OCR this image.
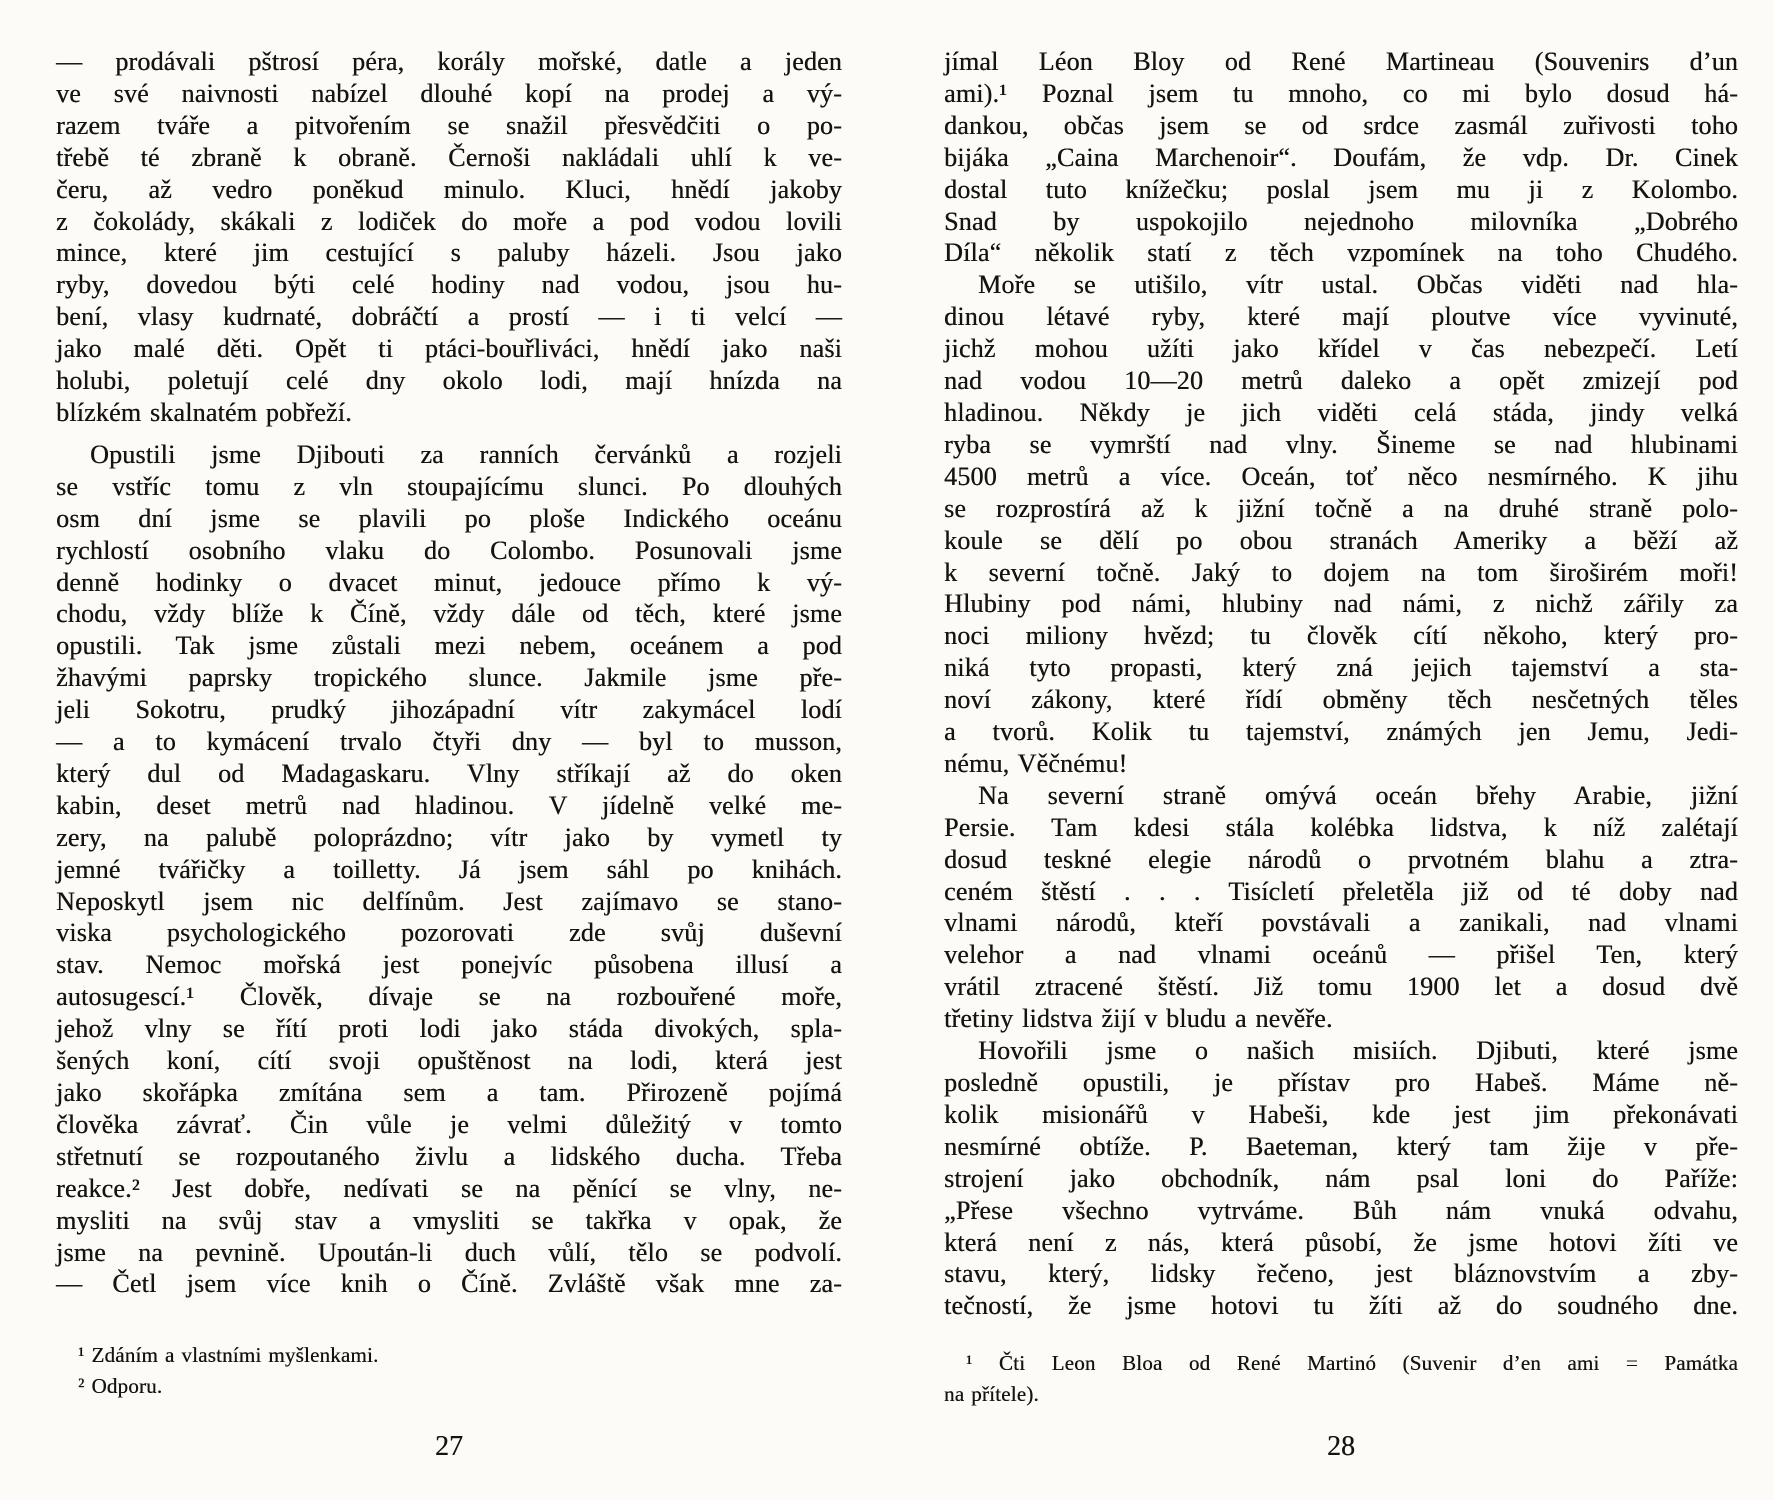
— prodávali pštrosí péra, korály mořské, datle a jeden
ve své naivnosti nabízel dlouhé kopí na prodej a vý-
razem tváře a pitvořením se snažil přesvědčiti o po-
třebě té zbraně k obraně. Černoši nakládali uhlí k ve-
čeru, až vedro poněkud minulo. Kluci, hnědí jakoby
z čokolády, skákali z lodiček do moře a pod vodou lovili
mince, které jim cestující s paluby házeli. Jsou jako
ryby, dovedou býti celé hodiny nad vodou, jsou hu-
bení, vlasy kudrnaté, dobráčtí a prostí — i ti velcí —
jako malé děti. Opět ti ptáci-bouřliváci, hnědí jako naši
holubi, poletují celé dny okolo lodi, mají hnízda na
blízkém skalnatém pobřeží.
Opustili jsme Djibouti za ranních červánků a rozjeli
se vstříc tomu z vln stoupajícímu slunci. Po dlouhých
osm dní jsme se plavili po ploše Indického oceánu
rychlostí osobního vlaku do Colombo. Posunovali jsme
denně hodinky o dvacet minut, jedouce přímo k vý-
chodu, vždy blíže k Číně, vždy dále od těch, které jsme
opustili. Tak jsme zůstali mezi nebem, oceánem a pod
žhavými paprsky tropického slunce. Jakmile jsme pře-
jeli Sokotru, prudký jihozápadní vítr zakymácel lodí
— a to kymácení trvalo čtyři dny — byl to musson,
který dul od Madagaskaru. Vlny stříkají až do oken
kabin, deset metrů nad hladinou. V jídelně velké me-
zery, na palubě poloprázdno; vítr jako by vymetl ty
jemné tvářičky a toilletty. Já jsem sáhl po knihách.
Neposkytl jsem nic delfínům. Jest zajímavo se stano-
viska psychologického pozorovati zde svůj duševní
stav. Nemoc mořská jest ponejvíc působena illusí a
autosugescí.¹ Člověk, dívaje se na rozbouřené moře,
jehož vlny se řítí proti lodi jako stáda divokých, spla-
šených koní, cítí svoji opuštěnost na lodi, která jest
jako skořápka zmítána sem a tam. Přirozeně pojímá
člověka závrať. Čin vůle je velmi důležitý v tomto
střetnutí se rozpoutaného živlu a lidského ducha. Třeba
reakce.² Jest dobře, nedívati se na pěnící se vlny, ne-
mysliti na svůj stav a vmysliti se takřka v opak, že
jsme na pevnině. Upoután-li duch vůlí, tělo se podvolí.
— Četl jsem více knih o Číně. Zvláště však mne za-
¹ Zdáním a vlastními myšlenkami.
² Odporu.
27
jímal Léon Bloy od René Martineau (Souvenirs d’un
ami).¹ Poznal jsem tu mnoho, co mi bylo dosud há-
dankou, občas jsem se od srdce zasmál zuřivosti toho
bijáka „Caina Marchenoir“. Doufám, že vdp. Dr. Cinek
dostal tuto knížečku; poslal jsem mu ji z Kolombo.
Snad by uspokojilo nejednoho milovníka „Dobrého
Díla“ několik statí z těch vzpomínek na toho Chudého.
Moře se utišilo, vítr ustal. Občas viděti nad hla-
dinou létavé ryby, které mají ploutve více vyvinuté,
jichž mohou užíti jako křídel v čas nebezpečí. Letí
nad vodou 10—20 metrů daleko a opět zmizejí pod
hladinou. Někdy je jich viděti celá stáda, jindy velká
ryba se vymrští nad vlny. Šineme se nad hlubinami
4500 metrů a více. Oceán, toť něco nesmírného. K jihu
se rozprostírá až k jižní točně a na druhé straně polo-
koule se dělí po obou stranách Ameriky a běží až
k severní točně. Jaký to dojem na tom široširém moři!
Hlubiny pod námi, hlubiny nad námi, z nichž zářily za
noci miliony hvězd; tu člověk cítí někoho, který pro-
niká tyto propasti, který zná jejich tajemství a sta-
noví zákony, které řídí obměny těch nesčetných těles
a tvorů. Kolik tu tajemství, známých jen Jemu, Jedi-
nému, Věčnému!
Na severní straně omývá oceán břehy Arabie, jižní
Persie. Tam kdesi stála kolébka lidstva, k níž zalétají
dosud teskné elegie národů o prvotném blahu a ztra-
ceném štěstí . . . Tisícletí přeletěla již od té doby nad
vlnami národů, kteří povstávali a zanikali, nad vlnami
velehor a nad vlnami oceánů — přišel Ten, který
vrátil ztracené štěstí. Již tomu 1900 let a dosud dvě
třetiny lidstva žijí v bludu a nevěře.
Hovořili jsme o našich misiích. Djibuti, které jsme
posledně opustili, je přístav pro Habeš. Máme ně-
kolik misionářů v Habeši, kde jest jim překonávati
nesmírné obtíže. P. Baeteman, který tam žije v pře-
strojení jako obchodník, nám psal loni do Paříže:
„Přese všechno vytrváme. Bůh nám vnuká odvahu,
která není z nás, která působí, že jsme hotovi žíti ve
stavu, který, lidsky řečeno, jest bláznovstvím a zby-
tečností, že jsme hotovi tu žíti až do soudného dne.
¹ Čti Leon Bloa od René Martinó (Suvenir d’en ami = Památka
na přítele).
28
